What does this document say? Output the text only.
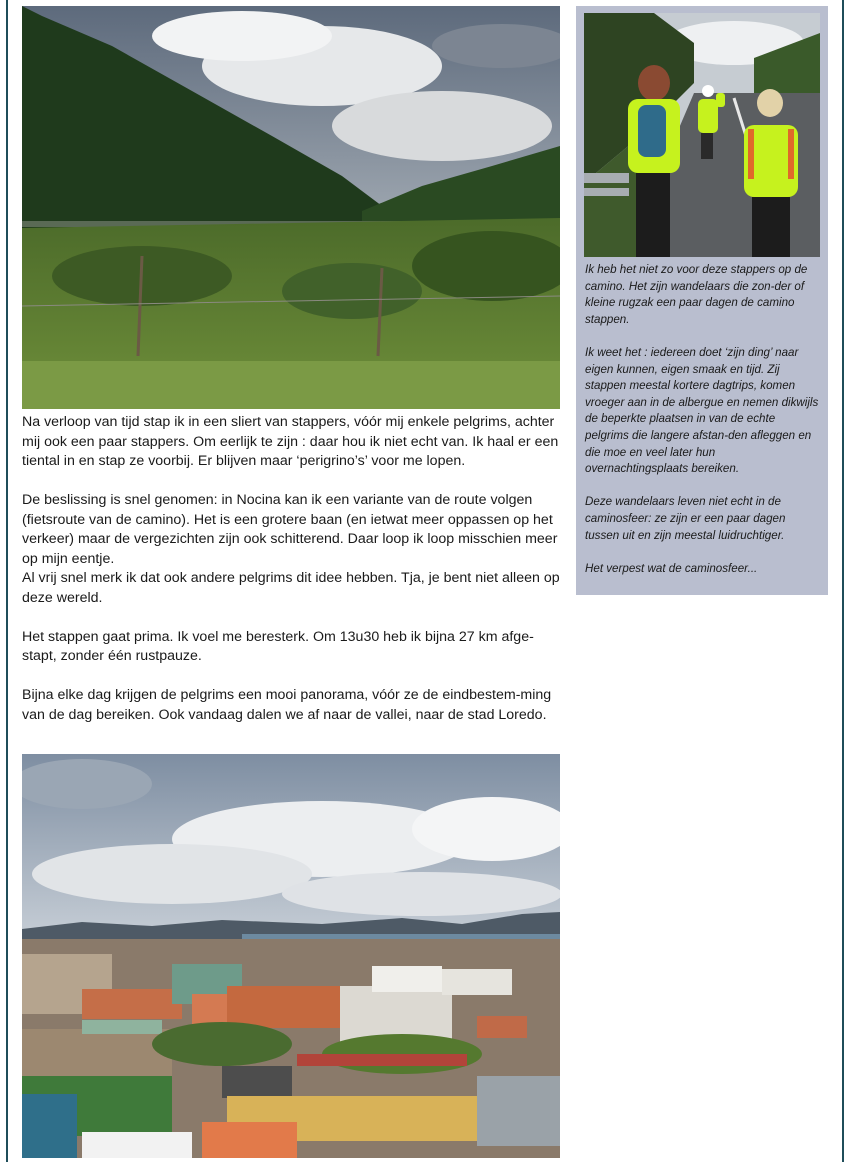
Na verloop van tijd stap ik in een sliert van stappers, vóór mij enkele pelgrims, achter mij ook een paar stappers. Om eerlijk te zijn : daar hou ik niet echt van. Ik haal er een tiental in en stap ze voorbij. Er blijven maar ‘perigrino’s’ voor me lopen.

De beslissing is snel genomen: in Nocina kan ik een variante van de route volgen (fietsroute van de camino). Het is een grotere baan (en ietwat meer oppassen op het verkeer) maar de vergezichten zijn ook schitterend. Daar loop ik loop misschien meer op mijn eentje.
Al vrij snel merk ik dat ook andere pelgrims dit idee hebben. Tja, je bent niet alleen op deze wereld.

Het stappen gaat prima. Ik voel me beresterk. Om 13u30 heb ik bijna 27 km afge-stapt, zonder één rustpauze.

Bijna elke dag krijgen de pelgrims een mooi panorama, vóór ze de eindbestem-ming van de dag bereiken. Ook vandaag dalen we af naar de vallei, naar de stad Loredo.

Ik heb het niet zo voor deze stappers op de camino. Het zijn wandelaars die zon-der of kleine rugzak een paar dagen de camino stappen.

Ik weet het : iedereen doet ‘zijn ding’ naar eigen kunnen, eigen smaak en tijd. Zij stappen meestal kortere dagtrips, komen vroeger aan in de albergue en nemen dikwijls de beperkte plaatsen in van de echte pelgrims die langere afstan-den afleggen en die moe en veel later hun overnachtingsplaats bereiken.

Deze wandelaars leven niet echt in de caminosfeer: ze zijn er een paar dagen tussen uit en zijn meestal luidruchtiger.

Het verpest wat de caminosfeer...
